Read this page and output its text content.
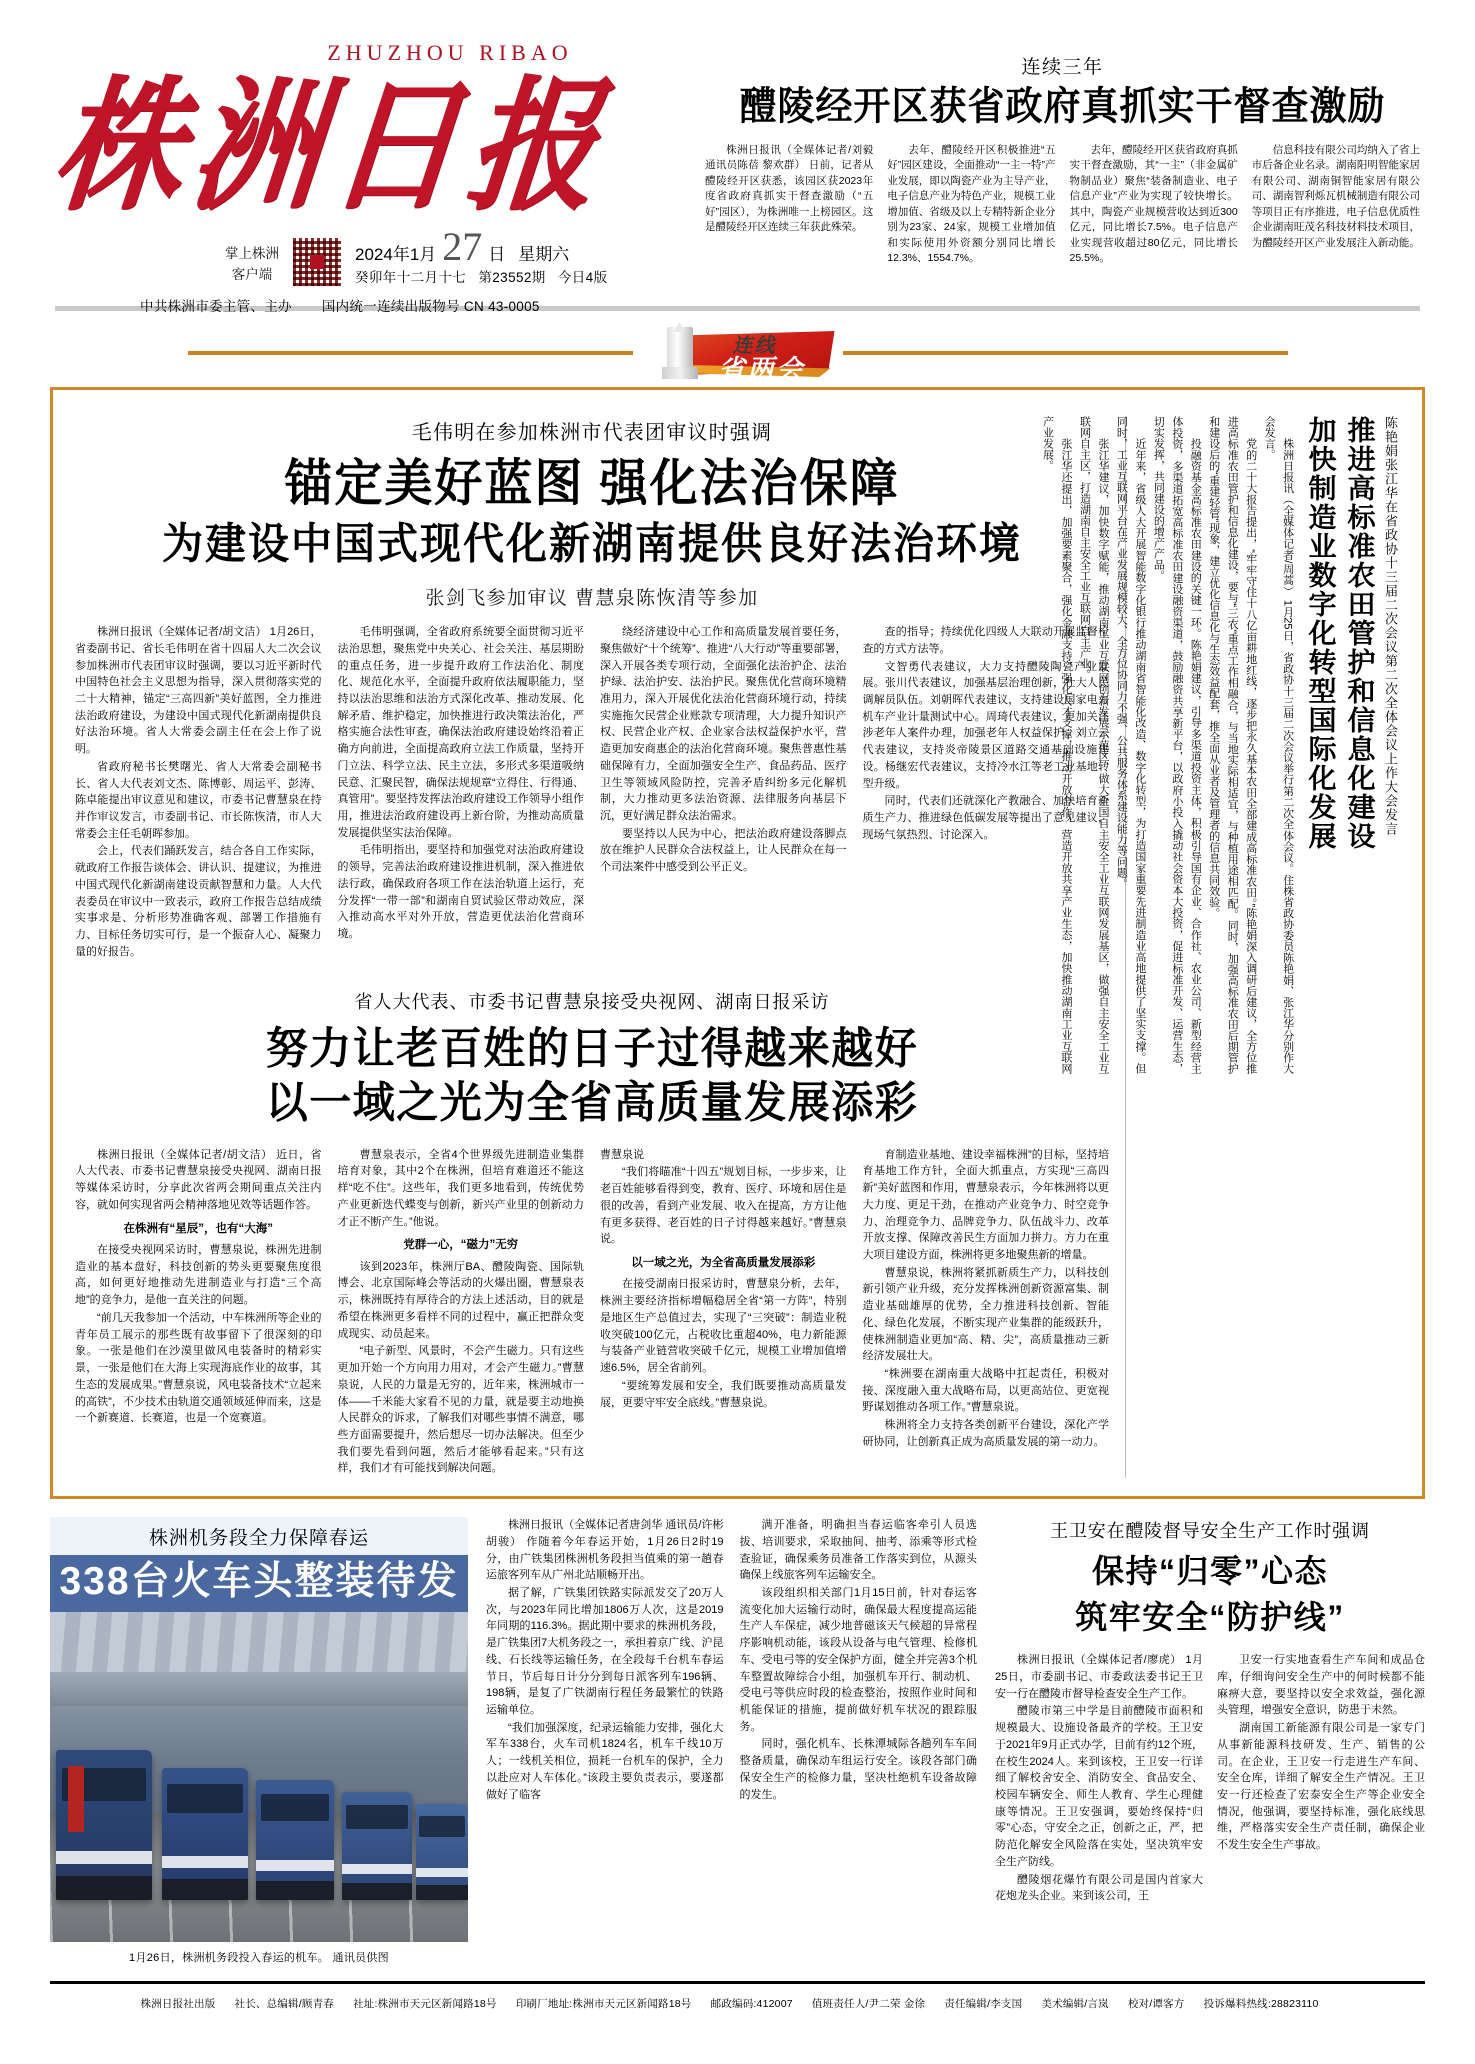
ZHUZHOU RIBAO
株洲日报
掌上株洲
客户端
2024年1月 27 日 星期六
癸卯年十二月十七 第23552期 今日4版
中共株洲市委主管、主办 国内统一连续出版物号 CN 43-0005
连续三年
醴陵经开区获省政府真抓实干督查激励

株洲日报讯（全媒体记者/刘毅 通讯员陈蓓 黎欢群） 日前，记者从醴陵经开区获悉，该园区获2023年度省政府真抓实干督查激励（“五好”园区），为株洲唯一上榜园区。这是醴陵经开区连续三年获此殊荣。

去年，醴陵经开区积极推进“五好”园区建设，全面推动“一主一特”产业发展，即以陶瓷产业为主导产业，电子信息产业为特色产业，规模工业增加值、省级及以上专精特新企业分别为23家、24家，规模工业增加值和实际使用外资额分别同比增长12.3%、1554.7%。

去年，醴陵经开区获省政府真抓实干督查激励，其“一主”（非金属矿物制品业）聚焦“装备制造业、电子信息产业”产业为实现了较快增长。其中，陶瓷产业规模营收达到近300亿元，同比增长7.5%。电子信息产业实现营收超过80亿元，同比增长25.5%。

信息科技有限公司均纳入了省上市后备企业名录。湖南阳明智能家居有限公司、湖南铜智能家居有限公司、湖南智利烁瓦机械制造有限公司等项目正有序推进，电子信息优质性企业湖南旺茂名科技材料技术项目，为醴陵经开区产业发展注入新动能。

连线
省两会
毛伟明在参加株洲市代表团审议时强调
锚定美好蓝图 强化法治保障
为建设中国式现代化新湖南提供良好法治环境
张剑飞参加审议 曹慧泉陈恢清等参加

株洲日报讯（全媒体记者/胡文洁） 1月26日，省委副书记、省长毛伟明在省十四届人大二次会议参加株洲市代表团审议时强调，要以习近平新时代中国特色社会主义思想为指导，深入贯彻落实党的二十大精神，锚定“三高四新”美好蓝图，全力推进法治政府建设，为建设中国式现代化新湖南提供良好法治环境。省人大常委会副主任在会上作了说明。

省政府秘书长樊曙光、省人大常委会副秘书长、省人大代表刘文杰、陈博彰、周运平、彭涛、陈卓能提出审议意见和建议，市委书记曹慧泉在持并作审议发言，市委副书记、市长陈恢清，市人大常委会主任毛朝晖参加。

会上，代表们踊跃发言，结合各自工作实际，就政府工作报告谈体会、讲认识、提建议，为推进中国式现代化新湖南建设贡献智慧和力量。人大代表委员在审议中一致表示，政府工作报告总结成绩实事求是、分析形势准确客观、部署工作措施有力、目标任务切实可行，是一个振奋人心、凝聚力量的好报告。

毛伟明强调，全省政府系统要全面贯彻习近平法治思想，聚焦党中央关心、社会关注、基层期盼的重点任务，进一步提升政府工作法治化、制度化、规范化水平，全面提升政府依法履职能力，坚持以法治思维和法治方式深化改革、推动发展、化解矛盾、维护稳定，加快推进行政决策法治化，严格实施合法性审查，确保法治政府建设始终沿着正确方向前进，全面提高政府立法工作质量，坚持开门立法、科学立法、民主立法，多形式多渠道吸纳民意、汇聚民智，确保法规规章“立得住、行得通、真管用”。要坚持发挥法治政府建设工作领导小组作用，推进法治政府建设再上新台阶，为推动高质量发展提供坚实法治保障。

毛伟明指出，要坚持和加强党对法治政府建设的领导，完善法治政府建设推进机制，深入推进依法行政，确保政府各项工作在法治轨道上运行，充分发挥“一带一部”和湖南自贸试验区带动效应，深入推动高水平对外开放，营造更优法治化营商环境。

绕经济建设中心工作和高质量发展首要任务，聚焦做好“十个统筹”、推进“八大行动”等重要部署，深入开展各类专项行动，全面强化法治护企、法治护绿、法治护安、法治护民。聚焦优化营商环境精准用力，深入开展优化法治化营商环境行动，持续实施拖欠民营企业账款专项清理，大力提升知识产权、民营企业产权、企业家合法权益保护水平，营造更加安商惠企的法治化营商环境。聚焦普惠性基础保障有力，全面加强安全生产、食品药品、医疗卫生等领域风险防控，完善矛盾纠纷多元化解机制，大力推动更多法治资源、法律服务向基层下沉，更好满足群众法治需求。

要坚持以人民为中心，把法治政府建设落脚点放在维护人民群众合法权益上，让人民群众在每一个司法案件中感受到公平正义。

查的指导；持续优化四级人大联动开展监督检查的方式方法等。

文智勇代表建议，大力支持醴陵陶瓷产业发展。张川代表建议，加强基层治理创新，壮大人民调解员队伍。刘朝晖代表建议，支持建设国家电力机车产业计量测试中心。周琦代表建议，更加关注涉老年人案件办理，加强老年人权益保护。刘立云代表建议，支持炎帝陵景区道路交通基础设施建设。杨继宏代表建议，支持冷水江等老工业基地转型升级。

同时，代表们还就深化产教融合、加快培育新质生产力、推进绿色低碳发展等提出了意见建议，现场气氛热烈、讨论深入。

省人大代表、市委书记曹慧泉接受央视网、湖南日报采访
努力让老百姓的日子过得越来越好
以一域之光为全省高质量发展添彩

株洲日报讯（全媒体记者/胡文洁） 近日，省人大代表、市委书记曹慧泉接受央视网、湖南日报等媒体采访时，分享此次省两会期间重点关注内容，就如何实现省两会精神落地见效等话题作答。

在株洲有“星辰”，也有“大海”

在接受央视网采访时，曹慧泉说，株洲先进制造业的基本盘好，科技创新的势头更要聚焦度很高，如何更好地推动先进制造业与打造“三个高地”的竞争力，是他一直关注的问题。

“前几天我参加一个活动，中车株洲所等企业的青年员工展示的那些既有故事留下了很深刻的印象。一张是他们在沙漠里做风电装备时的精彩实景，一张是他们在大海上实现海底作业的故事，其生态的发展成果。”曹慧泉说，风电装备技术“立起来的高铁”，不少技术由轨道交通领域延伸而来，这是一个新赛道、长赛道，也是一个宽赛道。

曹慧泉表示，全省4个世界级先进制造业集群培育对象，其中2个在株洲，但培育难道还不能这样“吃不住”。这些年，我们更多地看到，传统优势产业更新迭代蝶变与创新，新兴产业里的创新动力才正不断产生。”他说。

党群一心，“磁力”无穷

该到2023年，株洲厅BA、醴陵陶瓷、国际轨博会、北京国际峰会等活动的火爆出圈，曹慧泉表示，株洲既持有厚待合的方法上述活动，目的就是希望在株洲更多看样不同的过程中，赢正把群众变成现实、动员起来。

“电子新型、风景时，不会产生磁力。只有这些更加开始一个方向用力用对，才会产生磁力。”曹慧泉说，人民的力量是无穷的，近年来，株洲城市一体——千米能大家看不见的力量，就是要主动地换人民群众的诉求，了解我们对哪些事情不满意，哪些方面需要提升，然后想尽一切办法解决。但至少我们要先看到问题，然后才能够看起来。”只有这样，我们才有可能找到解决问题。

曹慧泉说

“我们将瞄准“十四五”规划目标，一步步来，让老百姓能够看得到变，教育、医疗、环境和居住是很的改善，看到产业发展、收入在提高，方方让他有更多获得、老百姓的日子讨得越来越好。”曹慧泉说。

以一域之光，为全省高质量发展添彩

在接受湖南日报采访时，曹慧泉分析，去年，株洲主要经济指标增幅稳居全省“第一方阵”，特别是地区生产总值过去，实现了“三突破”：制造业税收突破100亿元，占税收比重超40%，电力新能源与装备产业链营收突破千亿元，规模工业增加值增速6.5%，居全省前列。

“要统筹发展和安全，我们既要推动高质量发展，更要守牢安全底线。”曹慧泉说。

育制造业基地、建设幸福株洲”的目标，坚持培育基地工作方针，全面大抓重点，方实现“三高四新”美好蓝图和作用，曹慧泉表示，今年株洲将以更大力度、更足干劲，在推动产业竞争力、时空竞争力、治理竞争力、品牌竞争力、队伍战斗力、改革开放支撑、保障改善民生方面加力拼力。方力在重大项目建设方面，株洲将更多地聚焦新的增量。

曹慧泉说，株洲将紧抓新质生产力，以科技创新引领产业升级，充分发挥株洲创新资源富集、制造业基础雄厚的优势，全力推进科技创新、智能化、绿色化发展，不断实现产业集群的能级跃升，使株洲制造业更加“高、精、尖”，高质量推动三新经济发展壮大。

“株洲要在湖南重大战略中扛起责任，积极对接、深度融入重大战略布局，以更高站位、更宽视野谋划推动各项工作。”曹慧泉说。

株洲将全力支持各类创新平台建设，深化产学研协同，让创新真正成为高质量发展的第一动力。

陈艳娟张江华在省政协十三届二次会议第二次全体会议上作大会发言
推进高标准农田管护和信息化建设
加快制造业数字化转型国际化发展

株洲日报讯（全媒体记者/周蒿） 1月25日，省政协十三届二次会议举行第二次全体会议。住株省政协委员陈艳娟、张江华分别作大会发言。

党的二十大报告提出，“牢牢守住十八亿亩耕地红线，逐步把永久基本农田全部建成高标准农田。”陈艳娟深入调研后建议，全方位推进高标准农田管护和信息化建设，要与“三农”重点工作相融合，与当地实际相适宜，与种植用途相匹配。同时，加强高标准农田后期管护和建设后的“重建轻管”现象，建立优化信息化与生态效益配套，推全面从业者及管理者的信息共同效验。

投融资基金高标准农田建设的关键一环。陈艳娟建议，引导多渠道投资主体，积极引导国有企业、合作社、农业公司、新型经营主体投资，多渠道拓宽高标准农田建设融资渠道，鼓励融资共享新平台，以政府小投入撬动社会资本大投资，促进标准开发、运营生态，切实发挥，共同建设的增产产品。

近年来，省级人大开展智能数字化银行推动湖南省智能化改造、数字化转型，为打造国家重要先进制造业高地提供了坚实支撑。但同时，工业互联网平台在产业发展规模较大、全方位协同力不强、公共服务体系建设能力等问题。

张江华建议，加快数字赋能，推动湖南工业互联网创新发展示范区，做大全国自主安全工业互联网发展基区，做强自主安全工业互联网自主区，打造湖南自主安全工业互联网自主产业。

张江华还提出，加强要素聚合，强化金融支持，强化人才支撑，推动开放合作，营造开放共享产业生态，加快推动湖南工业互联网产业发展。

株洲机务段全力保障春运
338台火车头整装待发
1月26日，株洲机务段投入春运的机车。 通讯员供图

株洲日报讯（全媒体记者唐剑华 通讯员/许彬 胡骏） 作随着今年春运开始，1月26日2时19分，由广铁集团株洲机务段担当值乘的第一趟春运旅客列车从广州北站顺畅开出。

据了解，广铁集团铁路实际派发交了20万人次，与2023年同比增加1806万人次，这是2019年同期的116.3%。据此期中要求的株洲机务段，是广铁集团7大机务段之一，承担着京广线、沪昆线、石长线等运输任务，在全段每千台机车春运节日，节后每日计分分到每日派客列车196辆、198辆，是复了广铁湖南行程任务最繁忙的铁路运输单位。

“我们加强深度，纪录运输能力安排，强化大军车338台，火车司机1824名，机车千线10万人；一线机关相位，损耗一台机车的保护，全力以赴应对人车体化。”该段主要负责表示，要遂都做好了临客

满开准备，明确担当春运临客牵引人员选拔、培训要求，采取抽间、抽考、添乘等形式检查验证，确保乘务员准备工作落实到位，从源头确保上线旅客列车运输安全。

该段组织相关部门1月15日前，针对春运客流变化加大运输行动时，确保最大程度提高运能生产人车保症，减少地普磁该天气候超的异常程序影响机动能，该段从设备与电气管理、检修机车、受电弓等的安全保护方面，健全并完善3个机车整置故障综合小组，加强机车开行、制动机、受电弓等供应时段的检查整治，按照作业时间和机能保证的措施，提前做好机车状况的跟踪服务。

同时，强化机车、长株潭城际各趟列车车间整备质量，确保动车组运行安全。该段各部门确保安全生产的检修力量，坚决杜绝机车设备故障的发生。

王卫安在醴陵督导安全生产工作时强调
保持“归零”心态
筑牢安全“防护线”

株洲日报讯（全媒体记者/廖虎） 1月25日，市委副书记、市委政法委书记王卫安一行在醴陵市督导检查安全生产工作。

醴陵市第三中学是目前醴陵市面积和规模最大、设施设备最齐的学校。王卫安于2021年9月正式办学，目前有约12个班，在校生2024人。来到该校，王卫安一行详细了解校舍安全、消防安全、食品安全、校园车辆安全、师生人教育、学生心理健康等情况。王卫安强调，要始终保持“归零”心态，守安全之正，创新之正，严，把防范化解安全风险落在实处，坚决筑牢安全生产防线。

醴陵烟花爆竹有限公司是国内首家大花炮龙头企业。来到该公司，王

卫安一行实地查看生产车间和成品仓库，仔细询问安全生产中的何时候都不能麻痹大意，要坚持以安全求效益，强化源头管理，增强安全意识，防患于未然。

湖南国工新能源有限公司是一家专门从事新能源科技研发、生产、销售的公司。在企业，王卫安一行走进生产车间、安全仓库，详细了解安全生产情况。王卫安一行还检查了宏泰安全生产等企业安全情况，他强调，要坚持标准，强化底线思维，严格落实安全生产责任制，确保企业不发生安全生产事故。

株洲日报社出版 社长、总编辑/顾青春 社址:株洲市天元区新闻路18号 印刷厂地址:株洲市天元区新闻路18号 邮政编码:412007 值班责任人/尹二荣 金徐 责任编辑/李支国 美术编辑/言岚 校对/谭客方 投诉爆料热线:28823110
